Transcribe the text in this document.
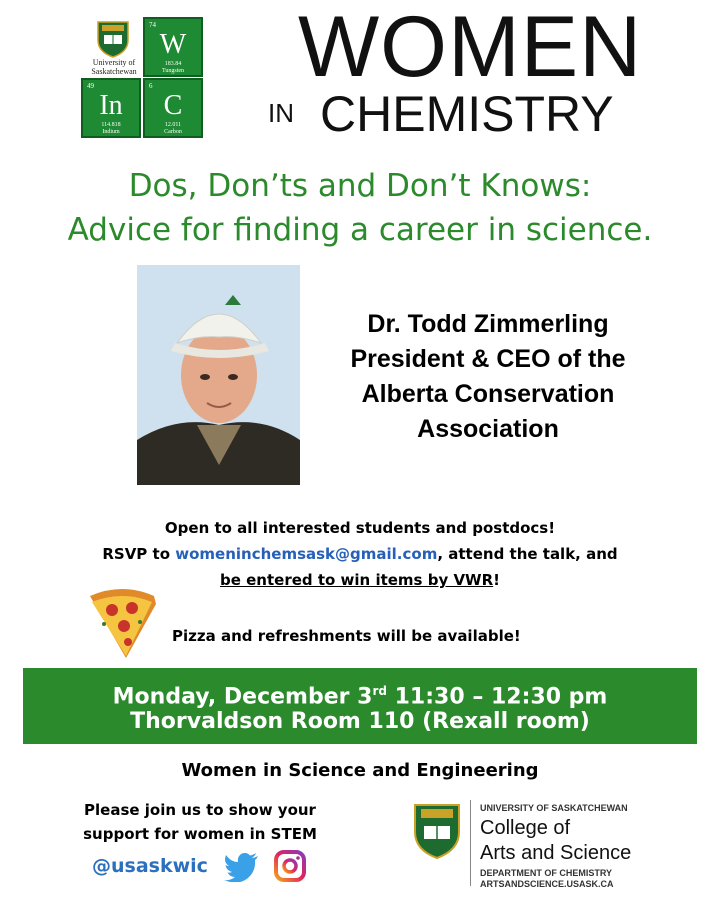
University of Saskatchewan
74
W
183.84
Tungsten
49
In
114.818
Indium
6
C
12.011
Carbon
WOMEN
IN CHEMISTRY
Dos, Don’ts and Don’t Knows:
Advice for finding a career in science.
Dr. Todd Zimmerling
President & CEO of the
Alberta Conservation
Association
Open to all interested students and postdocs!
RSVP to womeninchemsask@gmail.com, attend the talk, and
be entered to win items by VWR!
Pizza and refreshments will be available!
Monday, December 3rd 11:30 – 12:30 pm
Thorvaldson Room 110 (Rexall room)
Women in Science and Engineering
Please join us to show your
support for women in STEM
@usaskwic
UNIVERSITY OF SASKATCHEWAN
College of
Arts and Science
DEPARTMENT OF CHEMISTRY
ARTSANDSCIENCE.USASK.CA
